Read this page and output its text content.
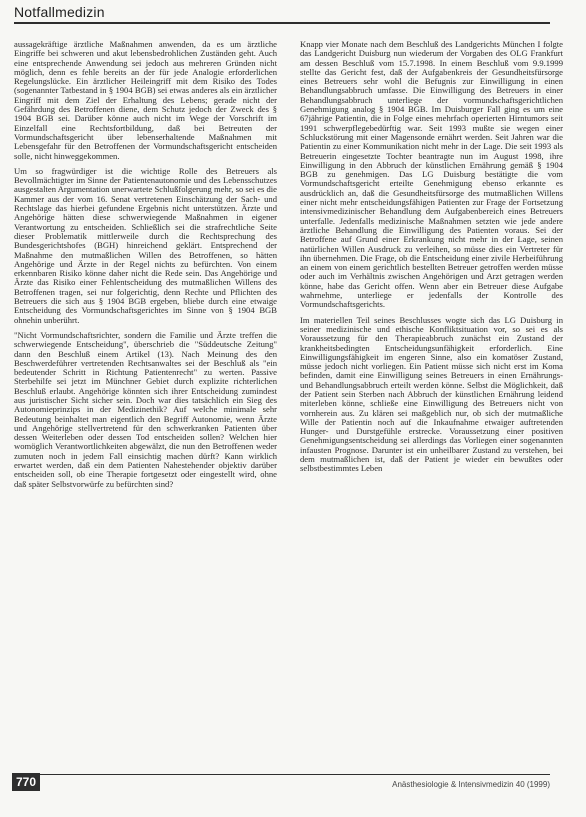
Notfallmedizin

aussagekräftige ärztliche Maßnahmen anwenden, da es um ärztliche Eingriffe bei schweren und akut lebensbedrohlichen Zuständen geht. Auch eine entsprechende Anwendung sei jedoch aus mehreren Gründen nicht möglich, denn es fehle bereits an der für jede Analogie erforderlichen Regelungslücke. Ein ärztlicher Heileingriff mit dem Risiko des Todes (sogenannter Tatbestand in § 1904 BGB) sei etwas anderes als ein ärztlicher Eingriff mit dem Ziel der Erhaltung des Lebens; gerade nicht der Gefährdung des Betroffenen diene, dem Schutz jedoch der Zweck des § 1904 BGB sei. Darüber könne auch nicht im Wege der Vorschrift im Einzelfall eine Rechtsfortbildung, daß bei Betreuten der Vormundschaftsgericht über lebenserhaltende Maßnahmen mit Lebensgefahr für den Betroffenen der Vormundschaftsgericht entscheiden solle, nicht hinweggekommen.

Um so fragwürdiger ist die wichtige Rolle des Betreuers als Bevollmächtigter im Sinne der Patientenautonomie und des Lebensschutzes ausgestalten Argumentation unerwartete Schlußfolgerung mehr, so sei es die Kammer aus der vom 16. Senat vertretenen Einschätzung der Sach- und Rechtslage das hierbei gefundene Ergebnis nicht unterstützen. Ärzte und Angehörige hätten diese schwerwiegende Maßnahmen in eigener Verantwortung zu entscheiden. Schließlich sei die strafrechtliche Seite dieser Problematik mittlerweile durch die Rechtsprechung des Bundesgerichtshofes (BGH) hinreichend geklärt. Entsprechend der Maßnahme den mutmaßlichen Willen des Betroffenen, so hätten Angehörige und Ärzte in der Regel nichts zu befürchten. Von einem erkennbaren Risiko könne daher nicht die Rede sein. Das Angehörige und Ärzte das Risiko einer Fehlentscheidung des mutmaßlichen Willens des Betroffenen tragen, sei nur folgerichtig, denn Rechte und Pflichten des Betreuers die sich aus § 1904 BGB ergeben, bliebe durch eine etwaige Entscheidung des Vormundschaftsgerichtes im Sinne von § 1904 BGB ohnehin unberührt.

"Nicht Vormundschaftsrichter, sondern die Familie und Ärzte treffen die schwerwiegende Entscheidung", überschrieb die "Süddeutsche Zeitung" dann den Beschluß einem Artikel (13). Nach Meinung des den Beschwerdeführer vertretenden Rechtsanwaltes sei der Beschluß als "ein bedeutender Schritt in Richtung Patientenrecht" zu werten. Passive Sterbehilfe sei jetzt im Münchner Gebiet durch explizite richterlichen Beschluß erlaubt. Angehörige könnten sich ihrer Entscheidung zumindest aus juristischer Sicht sicher sein. Doch war dies tatsächlich ein Sieg des Autonomieprinzips in der Medizinethik? Auf welche minimale sehr Bedeutung beinhaltet man eigentlich den Begriff Autonomie, wenn Ärzte und Angehörige stellvertretend für den schwerkranken Patienten über dessen Weiterleben oder dessen Tod entscheiden sollen? Welchen hier womöglich Verantwortlichkeiten abgewälzt, die nun den Betroffenen weder zumuten noch in jedem Fall einsichtig machen dürft? Kann wirklich erwartet werden, daß ein dem Patienten Nahestehender objektiv darüber entscheiden soll, ob eine Therapie fortgesetzt oder eingestellt wird, ohne daß später Selbstvorwürfe zu befürchten sind?

Knapp vier Monate nach dem Beschluß des Landgerichts München I folgte das Landgericht Duisburg nun wiederum der Vorgaben des OLG Frankfurt am dessen Beschluß vom 15.7.1998. In einem Beschluß vom 9.9.1999 stellte das Gericht fest, daß der Aufgabenkreis der Gesundheitsfürsorge eines Betreuers sehr wohl die Befugnis zur Einwilligung in einen Behandlungsabbruch umfasse. Die Einwilligung des Betreuers in einer Behandlungsabbruch unterliege der vormundschaftsgerichtlichen Genehmigung analog § 1904 BGB. Im Duisburger Fall ging es um eine 67jährige Patientin, die in Folge eines mehrfach operierten Hirntumors seit 1991 schwerpflegebedürftig war. Seit 1993 mußte sie wegen einer Schluckstörung mit einer Magensonde ernährt werden. Seit Jahren war die Patientin zu einer Kommunikation nicht mehr in der Lage. Die seit 1993 als Betreuerin eingesetzte Tochter beantragte nun im August 1998, ihre Einwilligung in den Abbruch der künstlichen Ernährung gemäß § 1904 BGB zu genehmigen. Das LG Duisburg bestätigte die vom Vormundschaftsgericht erteilte Genehmigung ebenso erkannte es ausdrücklich an, daß die Gesundheitsfürsorge des mutmaßlichen Willens einer nicht mehr entscheidungsfähigen Patienten zur Frage der Fortsetzung intensivmedizinischer Behandlung dem Aufgabenbereich eines Betreuers unterfalle. Jedenfalls medizinische Maßnahmen setzten wie jede andere ärztliche Behandlung die Einwilligung des Patienten voraus. Sei der Betroffene auf Grund einer Erkrankung nicht mehr in der Lage, seinen natürlichen Willen Ausdruck zu verleihen, so müsse dies ein Vertreter für ihn übernehmen. Die Frage, ob die Entscheidung einer zivile Herbeiführung an einem von einem gerichtlich bestellten Betreuer getroffen werden müsse oder auch im Verhältnis zwischen Angehörigen und Arzt getragen werden könne, habe das Gericht offen. Wenn aber ein Betreuer diese Aufgabe wahrnehme, unterliege er jedenfalls der Kontrolle des Vormundschaftsgerichts.

Im materiellen Teil seines Beschlusses wogte sich das LG Duisburg in seiner medizinische und ethische Konfliktsituation vor, so sei es als Voraussetzung für den Therapieabbruch zunächst ein Zustand der krankheitsbedingten Entscheidungsunfähigkeit erforderlich. Eine Einwilligungsfähigkeit im engeren Sinne, also ein komatöser Zustand, müsse jedoch nicht vorliegen. Ein Patient müsse sich nicht erst im Koma befinden, damit eine Einwilligung seines Betreuers in einen Ernährungs- und Behandlungsabbruch erteilt werden könne. Selbst die Möglichkeit, daß der Patient sein Sterben nach Abbruch der künstlichen Ernährung leidend miterleben könne, schließe eine Einwilligung des Betreuers nicht von vornherein aus. Zu klären sei maßgeblich nur, ob sich der mutmaßliche Wille der Patientin noch auf die Inkaufnahme etwaiger auftretenden Hunger- und Durstgefühle erstrecke. Voraussetzung einer positiven Genehmigungsentscheidung sei allerdings das Vorliegen einer sogenannten infausten Prognose. Darunter ist ein unheilbarer Zustand zu verstehen, bei dem mutmaßlichen ist, daß der Patient je wieder ein bewußtes oder selbstbestimmtes Leben

770	Anästhesiologie & Intensivmedizin 40 (1999)
